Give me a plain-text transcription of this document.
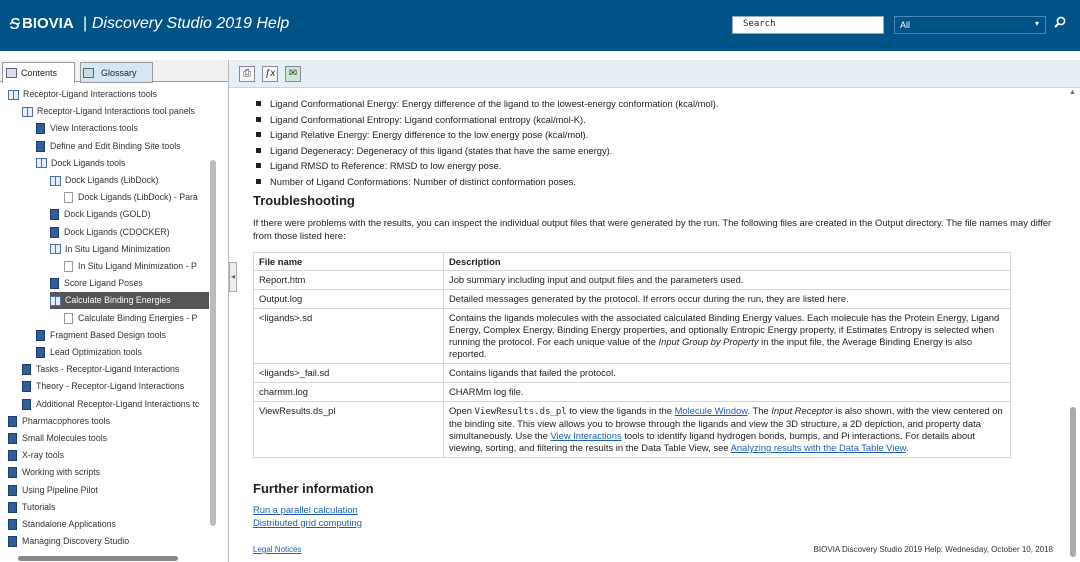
ᵴ BIOVIA | Discovery Studio 2019 Help	Search	All	▾
Contents	Glossary
Receptor-Ligand Interactions tools
Receptor-Ligand Interactions tool panels
View Interactions tools
Define and Edit Binding Site tools
Dock Ligands tools
Dock Ligands (LibDock)
Dock Ligands (LibDock) - Para
Dock Ligands (GOLD)
Dock Ligands (CDOCKER)
In Situ Ligand Minimization
In Situ Ligand Minimization - P
Score Ligand Poses
Calculate Binding Energies
Calculate Binding Energies - P
Fragment Based Design tools
Lead Optimization tools
Tasks - Receptor-Ligand Interactions
Theory - Receptor-Ligand Interactions
Additional Receptor-Ligand Interactions tc
Pharmacophores tools
Small Molecules tools
X-ray tools
Working with scripts
Using Pipeline Pilot
Tutorials
Standalone Applications
Managing Discovery Studio
◂
⎙	ƒx	✉
Ligand Conformational Energy: Energy difference of the ligand to the lowest-energy conformation (kcal/mol).
Ligand Conformational Entropy: Ligand conformational entropy (kcal/mol-K).
Ligand Relative Energy: Energy difference to the low energy pose (kcal/mol).
Ligand Degeneracy: Degeneracy of this ligand (states that have the same energy).
Ligand RMSD to Reference: RMSD to low energy pose.
Number of Ligand Conformations: Number of distinct conformation poses.
Troubleshooting
If there were problems with the results, you can inspect the individual output files that were generated by the run. The following files are created in the Output directory. The file names may differ from those listed here:
File name	Description
Report.htm	Job summary including input and output files and the parameters used.
Output.log	Detailed messages generated by the protocol. If errors occur during the run, they are listed here.
<ligands>.sd	Contains the ligands molecules with the associated calculated Binding Energy values. Each molecule has the Protein Energy, Ligand Energy, Complex Energy, Binding Energy properties, and optionally Entropic Energy property, if Estimates Entropy is selected when running the protocol. For each unique value of the Input Group by Property in the input file, the Average Binding Energy is also reported.
<ligands>_fail.sd	Contains ligands that failed the protocol.
charmm.log	CHARMm log file.
ViewResults.ds_pl	Open ViewResults.ds_pl to view the ligands in the Molecule Window. The Input Receptor is also shown, with the view centered on the binding site. This view allows you to browse through the ligands and view the 3D structure, a 2D depiction, and property data simultaneously. Use the View Interactions tools to identify ligand hydrogen bonds, bumps, and Pi interactions. For details about viewing, sorting, and filtering the results in the Data Table View, see Analyzing results with the Data Table View.
Further information
Run a parallel calculation
Distributed grid computing
Legal Notices	BIOVIA Discovery Studio 2019 Help: Wednesday, October 10, 2018
▲
